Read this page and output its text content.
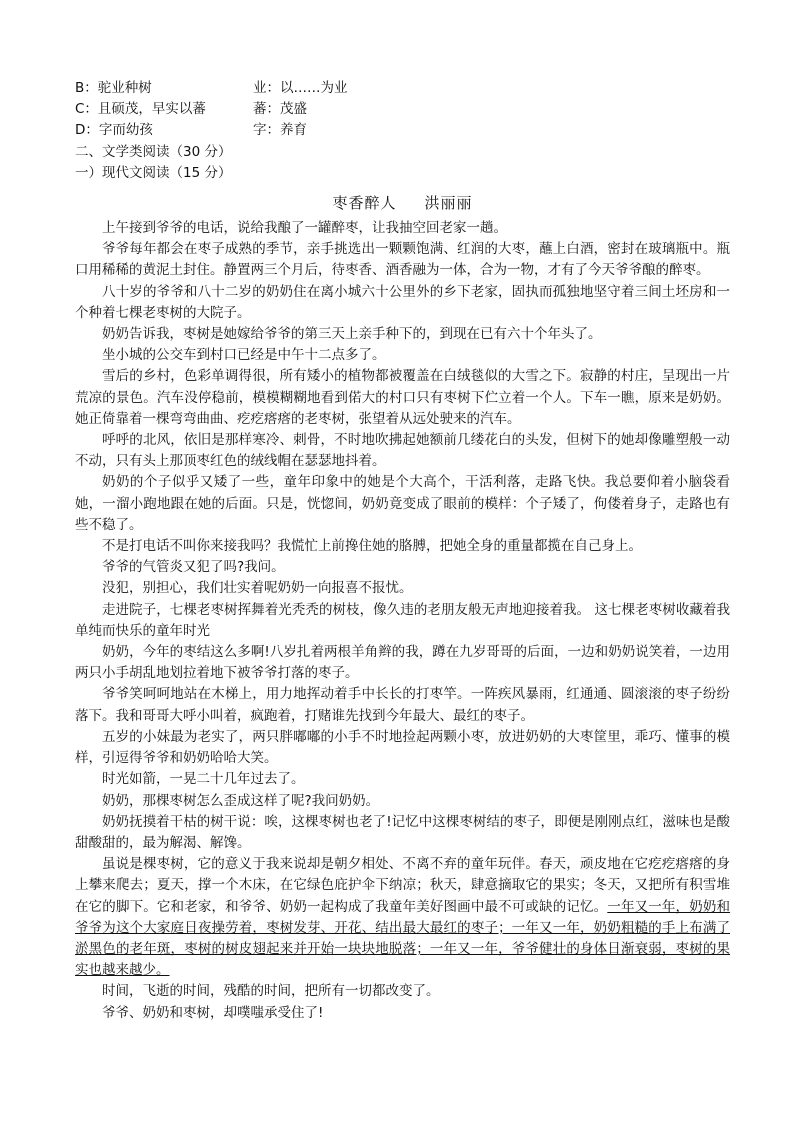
B：驼业种树	业：以……为业
C：且硕茂，早实以蕃	蕃：茂盛
D：字而幼孩	字：养育
二、文学类阅读（30 分）
一）现代文阅读（15 分）
枣香醉人 洪丽丽

上午接到爷爷的电话，说给我酿了一罐醉枣，让我抽空回老家一趟。

爷爷每年都会在枣子成熟的季节，亲手挑选出一颗颗饱满、红润的大枣，蘸上白酒，密封在玻璃瓶中。瓶口用稀稀的黄泥土封住。静置两三个月后，待枣香、酒香融为一体，合为一物，才有了今天爷爷酿的醉枣。

八十岁的爷爷和八十二岁的奶奶住在离小城六十公里外的乡下老家，固执而孤独地坚守着三间土坯房和一个种着七棵老枣树的大院子。

奶奶告诉我，枣树是她嫁给爷爷的第三天上亲手种下的，到现在已有六十个年头了。

坐小城的公交车到村口已经是中午十二点多了。

雪后的乡村，色彩单调得很，所有矮小的植物都被覆盖在白绒毯似的大雪之下。寂静的村庄，呈现出一片荒凉的景色。汽车没停稳前，模模糊糊地看到偌大的村口只有枣树下伫立着一个人。下车一瞧，原来是奶奶。她正倚靠着一棵弯弯曲曲、疙疙瘩瘩的老枣树，张望着从远处驶来的汽车。

呼呼的北风，依旧是那样寒冷、刺骨，不时地吹拂起她额前几缕花白的头发，但树下的她却像雕塑般一动不动，只有头上那顶枣红色的绒线帽在瑟瑟地抖着。

奶奶的个子似乎又矮了一些，童年印象中的她是个大高个，干活利落，走路飞快。我总要仰着小脑袋看她，一溜小跑地跟在她的后面。只是，恍惚间，奶奶竟变成了眼前的模样：个子矮了，佝偻着身子，走路也有些不稳了。

不是打电话不叫你来接我吗？我慌忙上前搀住她的胳膊，把她全身的重量都揽在自己身上。

爷爷的气管炎又犯了吗?我问。

没犯，别担心，我们壮实着呢奶奶一向报喜不报忧。

走进院子，七棵老枣树挥舞着光秃秃的树枝，像久违的老朋友般无声地迎接着我。 这七棵老枣树收藏着我单纯而快乐的童年时光

奶奶，今年的枣结这么多啊!八岁扎着两根羊角辫的我，蹲在九岁哥哥的后面，一边和奶奶说笑着，一边用两只小手胡乱地划拉着地下被爷爷打落的枣子。

爷爷笑呵呵地站在木梯上，用力地挥动着手中长长的打枣竿。一阵疾风暴雨，红通通、圆滚滚的枣子纷纷落下。我和哥哥大呼小叫着，疯跑着，打赌谁先找到今年最大、最红的枣子。

五岁的小妹最为老实了，两只胖嘟嘟的小手不时地捡起两颗小枣，放进奶奶的大枣筐里，乖巧、懂事的模样，引逗得爷爷和奶奶哈哈大笑。

时光如箭，一晃二十几年过去了。

奶奶，那棵枣树怎么歪成这样了呢?我问奶奶。

奶奶抚摸着干枯的树干说：唉，这棵枣树也老了!记忆中这棵枣树结的枣子，即便是刚刚点红，滋味也是酸甜酸甜的，最为解渴、解馋。

虽说是棵枣树，它的意义于我来说却是朝夕相处、不离不弃的童年玩伴。春天，顽皮地在它疙疙瘩瘩的身上攀来爬去；夏天，撑一个木床，在它绿色庇护伞下纳凉；秋天，肆意摘取它的果实；冬天，又把所有积雪堆在它的脚下。它和老家，和爷爷、奶奶一起构成了我童年美好图画中最不可或缺的记忆。一年又一年，奶奶和爷爷为这个大家庭日夜操劳着，枣树发芽、开花、结出最大最红的枣子；一年又一年，奶奶粗糙的手上布满了淤黑色的老年斑，枣树的树皮翅起来并开始一块块地脱落；一年又一年，爷爷健壮的身体日渐衰弱，枣树的果实也越来越少。

时间，飞逝的时间，残酷的时间，把所有一切都改变了。

爷爷、奶奶和枣树，却噗嗤承受住了!
